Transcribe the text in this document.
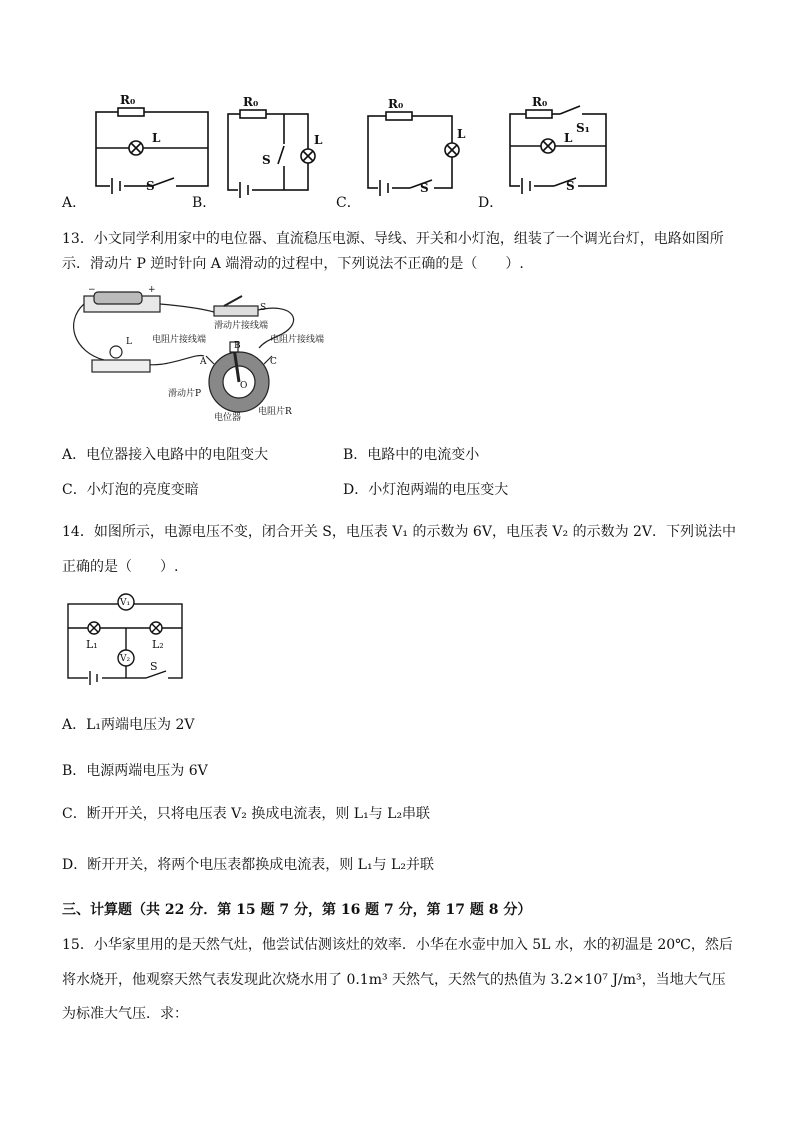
R₀
L
S
R₀
L
S
R₀
L
S
R₀
S₁
L
S
A．	B．	C．	D．
13．小文同学利用家中的电位器、直流稳压电源、导线、开关和小灯泡，组装了一个调光台灯，电路如图所
示．滑动片 P 逆时针向 A 端滑动的过程中，下列说法不正确的是（　　）.
−	+
S
滑动片接线端
电阻片接线端	电阻片接线端
L
A
B
C
O
滑动片P
电位器
电阻片R
A．电位器接入电路中的电阻变大	B．电路中的电流变小
C．小灯泡的亮度变暗	D．小灯泡两端的电压变大
14．如图所示，电源电压不变，闭合开关 S，电压表 V₁ 的示数为 6V，电压表 V₂ 的示数为 2V．下列说法中
正确的是（　　）.
V₁
V₂
L₁	L₂
S
A．L₁两端电压为 2V
B．电源两端电压为 6V
C．断开开关，只将电压表 V₂ 换成电流表，则 L₁与 L₂串联
D．断开开关，将两个电压表都换成电流表，则 L₁与 L₂并联
三、计算题（共 22 分．第 15 题 7 分，第 16 题 7 分，第 17 题 8 分）
15．小华家里用的是天然气灶，他尝试估测该灶的效率．小华在水壶中加入 5L 水，水的初温是 20℃，然后
将水烧开，他观察天然气表发现此次烧水用了 0.1m³ 天然气，天然气的热值为 3.2×10⁷ J/m³，当地大气压
为标准大气压．求：
